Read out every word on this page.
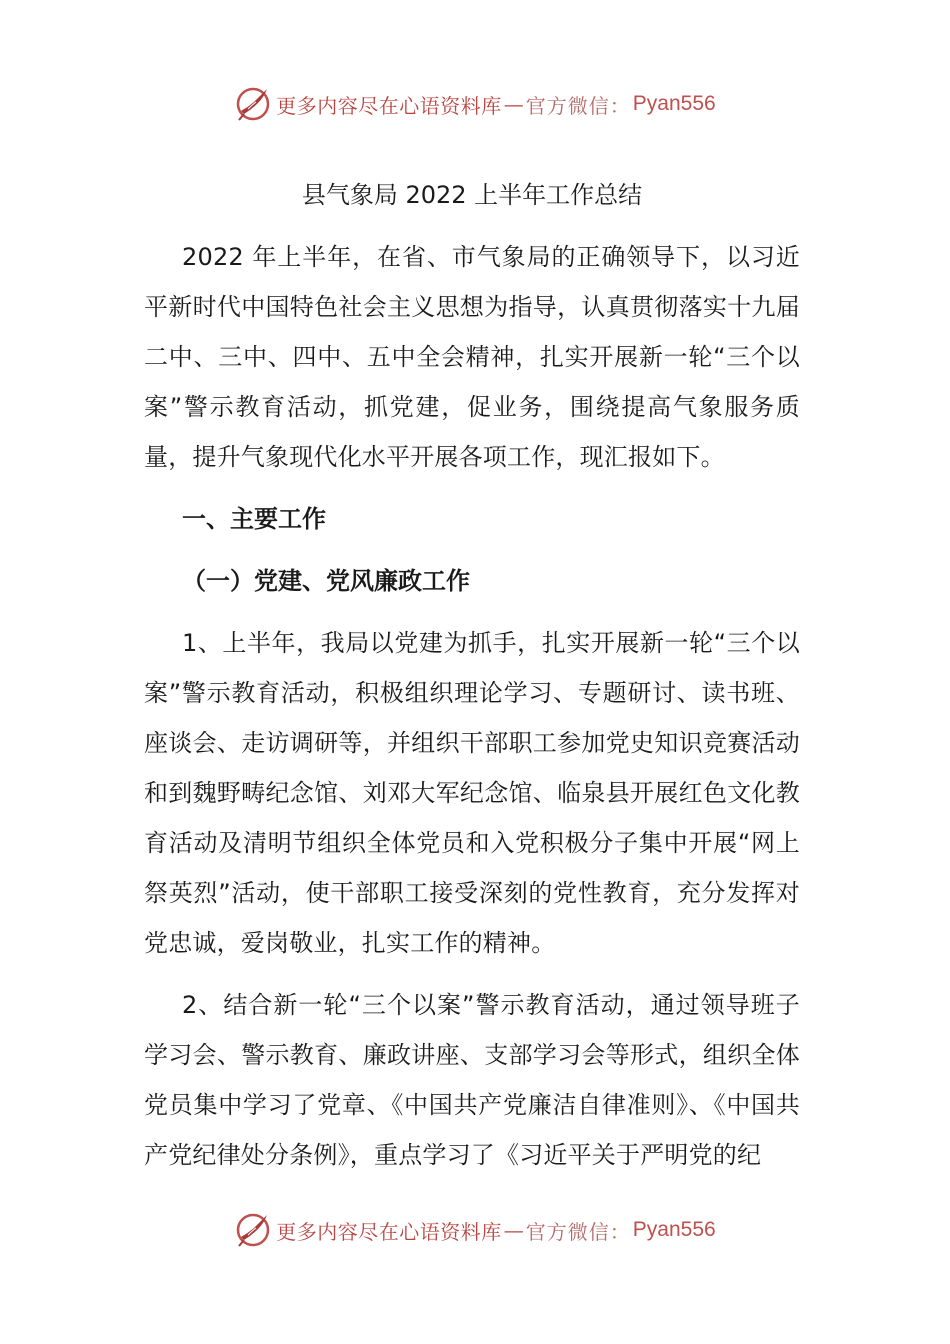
更多内容尽在心语资料库 — 官方微信： Pyan556
县气象局 2022 上半年工作总结

2022 年上半年，在省、市气象局的正确领导下，以习近平新时代中国特色社会主义思想为指导，认真贯彻落实十九届二中、三中、四中、五中全会精神，扎实开展新一轮“三个以案”警示教育活动，抓党建，促业务，围绕提高气象服务质量，提升气象现代化水平开展各项工作，现汇报如下。

一、主要工作

（一）党建、党风廉政工作

1、上半年，我局以党建为抓手，扎实开展新一轮“三个以案”警示教育活动，积极组织理论学习、专题研讨、读书班、座谈会、走访调研等，并组织干部职工参加党史知识竞赛活动和到魏野畴纪念馆、刘邓大军纪念馆、临泉县开展红色文化教育活动及清明节组织全体党员和入党积极分子集中开展“网上祭英烈”活动，使干部职工接受深刻的党性教育，充分发挥对党忠诚，爱岗敬业，扎实工作的精神。

2、结合新一轮“三个以案”警示教育活动，通过领导班子学习会、警示教育、廉政讲座、支部学习会等形式，组织全体党员集中学习了党章、《中国共产党廉洁自律准则》、《中国共产党纪律处分条例》，重点学习了《习近平关于严明党的纪

更多内容尽在心语资料库 — 官方微信： Pyan556
